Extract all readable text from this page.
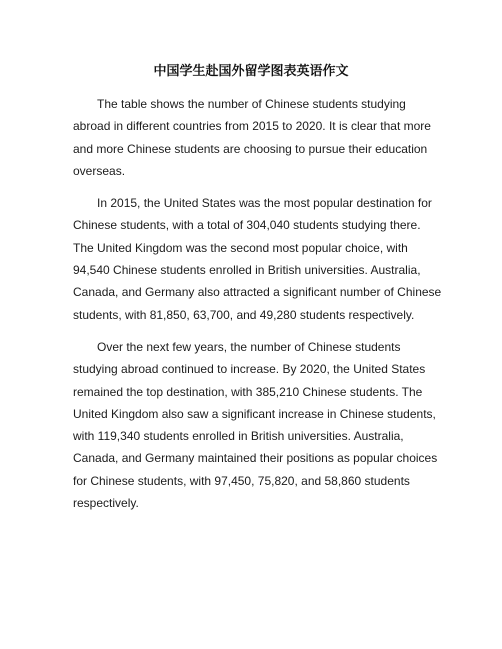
中国学生赴国外留学图表英语作文

The table shows the number of Chinese students studying abroad in different countries from 2015 to 2020. It is clear that more and more Chinese students are choosing to pursue their education overseas.

In 2015, the United States was the most popular destination for Chinese students, with a total of 304,040 students studying there. The United Kingdom was the second most popular choice, with 94,540 Chinese students enrolled in British universities. Australia, Canada, and Germany also attracted a significant number of Chinese students, with 81,850, 63,700, and 49,280 students respectively.

Over the next few years, the number of Chinese students studying abroad continued to increase. By 2020, the United States remained the top destination, with 385,210 Chinese students. The United Kingdom also saw a significant increase in Chinese students, with 119,340 students enrolled in British universities. Australia, Canada, and Germany maintained their positions as popular choices for Chinese students, with 97,450, 75,820, and 58,860 students respectively.
